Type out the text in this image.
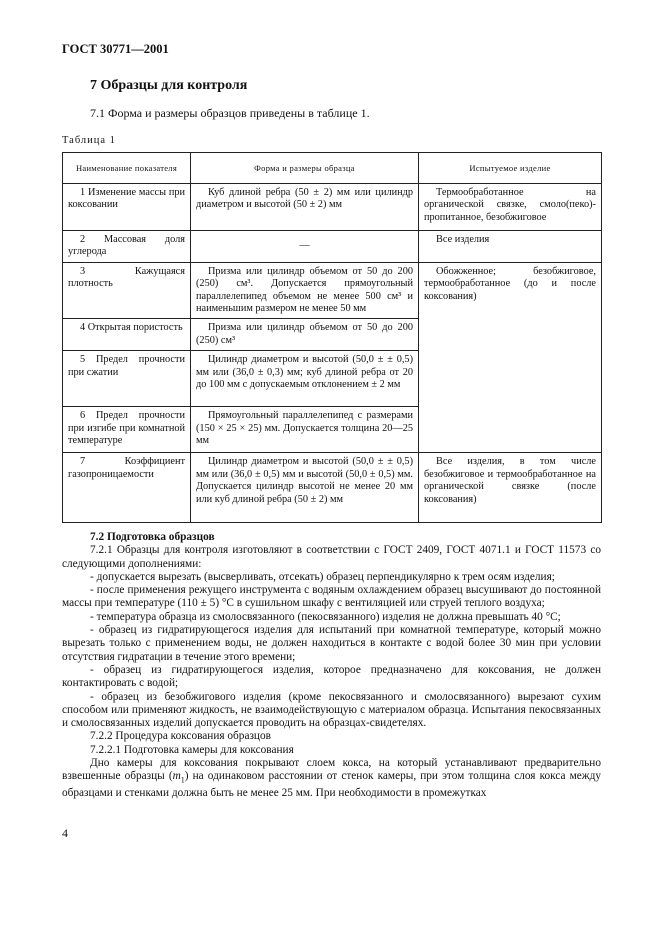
ГОСТ 30771—2001
7 Образцы для контроля
7.1 Форма и размеры образцов приведены в таблице 1.
Таблица 1
Наименование показателя	Форма и размеры образца	Испытуемое изделие
1 Изменение массы при коксовании	Куб длиной ребра (50 ± 2) мм или цилиндр диаметром и высотой (50 ± 2) мм	Термообработанное на органической связке, смоло(пеко)-пропитанное, безобжиговое
2 Массовая доля углерода	—	Все изделия
3 Кажущаяся плотность	Призма или цилиндр объемом от 50 до 200 (250) см³. Допускается прямоугольный параллелепипед объемом не менее 500 см³ и наименьшим размером не менее 50 мм	Обожженное; безобжиговое, термообработанное (до и после коксования)
4 Открытая пористость	Призма или цилиндр объемом от 50 до 200 (250) см³	
5 Предел прочности при сжатии	Цилиндр диаметром и высотой (50,0 ± ± 0,5) мм или (36,0 ± 0,3) мм; куб длиной ребра от 20 до 100 мм с допускаемым отклонением ± 2 мм	
6 Предел прочности при изгибе при комнатной температуре	Прямоугольный параллелепипед с размерами (150 × 25 × 25) мм. Допускается толщина 20—25 мм	
7 Коэффициент газопроницаемости	Цилиндр диаметром и высотой (50,0 ± ± 0,5) мм или (36,0 ± 0,5) мм и высотой (50,0 ± 0,5) мм. Допускается цилиндр высотой не менее 20 мм или куб длиной ребра (50 ± 2) мм	Все изделия, в том числе безобжиговое и термообработанное на органической связке (после коксования)

7.2 Подготовка образцов

7.2.1 Образцы для контроля изготовляют в соответствии с ГОСТ 2409, ГОСТ 4071.1 и ГОСТ 11573 со следующими дополнениями:

- допускается вырезать (высверливать, отсекать) образец перпендикулярно к трем осям изделия;

- после применения режущего инструмента с водяным охлаждением образец высушивают до постоянной массы при температуре (110 ± 5) °С в сушильном шкафу с вентиляцией или струей теплого воздуха;

- температура образца из смолосвязанного (пекосвязанного) изделия не должна превышать 40 °С;

- образец из гидратирующегося изделия для испытаний при комнатной температуре, который можно вырезать только с применением воды, не должен находиться в контакте с водой более 30 мин при условии отсутствия гидратации в течение этого времени;

- образец из гидратирующегося изделия, которое предназначено для коксования, не должен контактировать с водой;

- образец из безобжигового изделия (кроме пекосвязанного и смолосвязанного) вырезают сухим способом или применяют жидкость, не взаимодействующую с материалом образца. Испытания пекосвязанных и смолосвязанных изделий допускается проводить на образцах-свидетелях.

7.2.2 Процедура коксования образцов

7.2.2.1 Подготовка камеры для коксования

Дно камеры для коксования покрывают слоем кокса, на который устанавливают предварительно взвешенные образцы $(m_1)$ на одинаковом расстоянии от стенок камеры, при этом толщина слоя кокса между образцами и стенками должна быть не менее 25 мм. При необходимости в промежутках

4
